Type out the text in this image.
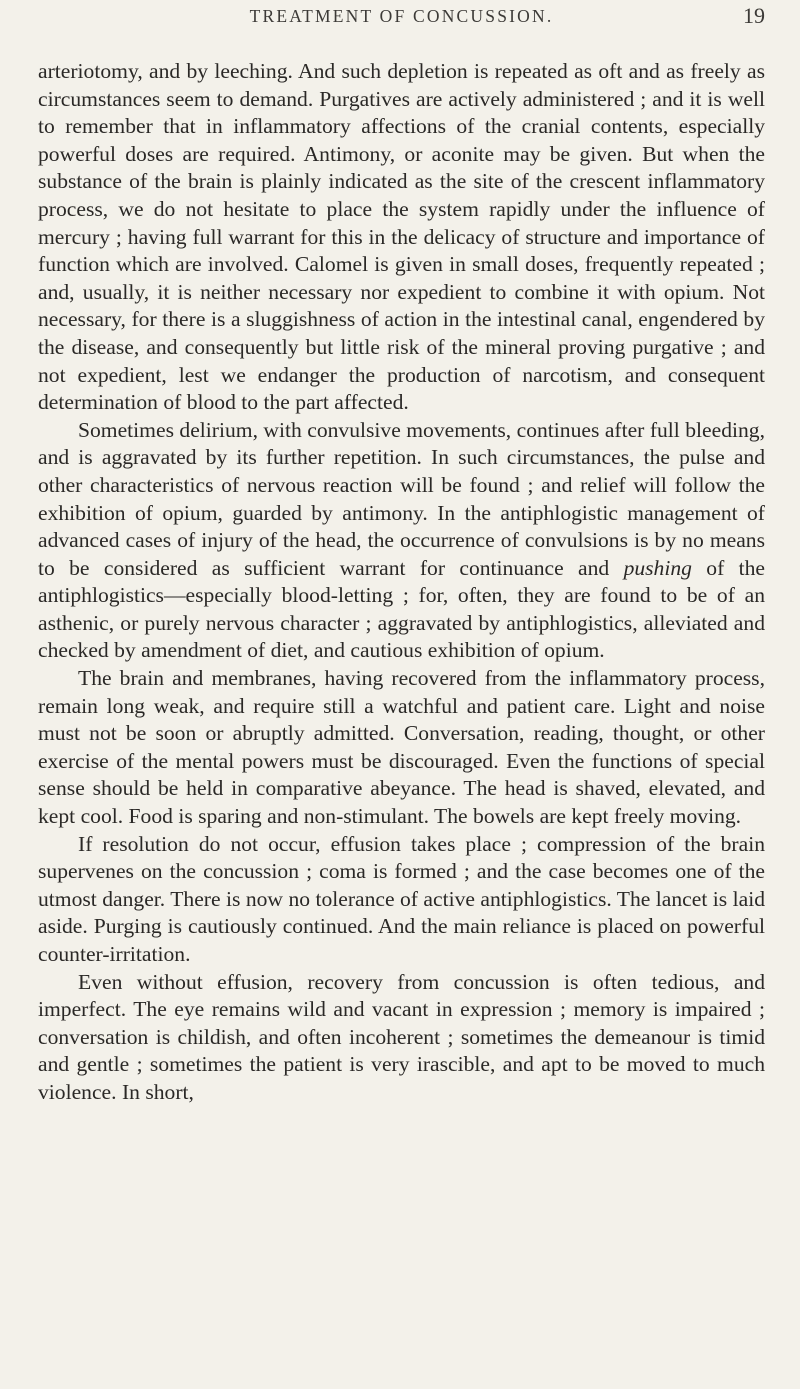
TREATMENT OF CONCUSSION.	19

arteriotomy, and by leeching. And such depletion is repeated as oft and as freely as circumstances seem to demand. Purgatives are actively administered ; and it is well to remember that in inflammatory affections of the cranial contents, especially powerful doses are required. Antimony, or aconite may be given. But when the substance of the brain is plainly indicated as the site of the crescent inflammatory process, we do not hesitate to place the system rapidly under the influence of mercury ; having full warrant for this in the delicacy of structure and importance of function which are involved. Calomel is given in small doses, frequently repeated ; and, usually, it is neither necessary nor expedient to combine it with opium. Not necessary, for there is a sluggishness of action in the intestinal canal, engendered by the disease, and consequently but little risk of the mineral proving purgative ; and not expedient, lest we endanger the production of narcotism, and consequent determination of blood to the part affected.

Sometimes delirium, with convulsive movements, continues after full bleeding, and is aggravated by its further repetition. In such circumstances, the pulse and other characteristics of nervous reaction will be found ; and relief will follow the exhibition of opium, guarded by antimony. In the antiphlogistic management of advanced cases of injury of the head, the occurrence of convulsions is by no means to be considered as sufficient warrant for continuance and pushing of the antiphlogistics—especially blood-letting ; for, often, they are found to be of an asthenic, or purely nervous character ; aggravated by antiphlogistics, alleviated and checked by amendment of diet, and cautious exhibition of opium.

The brain and membranes, having recovered from the inflammatory process, remain long weak, and require still a watchful and patient care. Light and noise must not be soon or abruptly admitted. Conversation, reading, thought, or other exercise of the mental powers must be discouraged. Even the functions of special sense should be held in comparative abeyance. The head is shaved, elevated, and kept cool. Food is sparing and non-stimulant. The bowels are kept freely moving.

If resolution do not occur, effusion takes place ; compression of the brain supervenes on the concussion ; coma is formed ; and the case becomes one of the utmost danger. There is now no tolerance of active antiphlogistics. The lancet is laid aside. Purging is cautiously continued. And the main reliance is placed on powerful counter-irritation.

Even without effusion, recovery from concussion is often tedious, and imperfect. The eye remains wild and vacant in expression ; memory is impaired ; conversation is childish, and often incoherent ; sometimes the demeanour is timid and gentle ; sometimes the patient is very irascible, and apt to be moved to much violence. In short,
